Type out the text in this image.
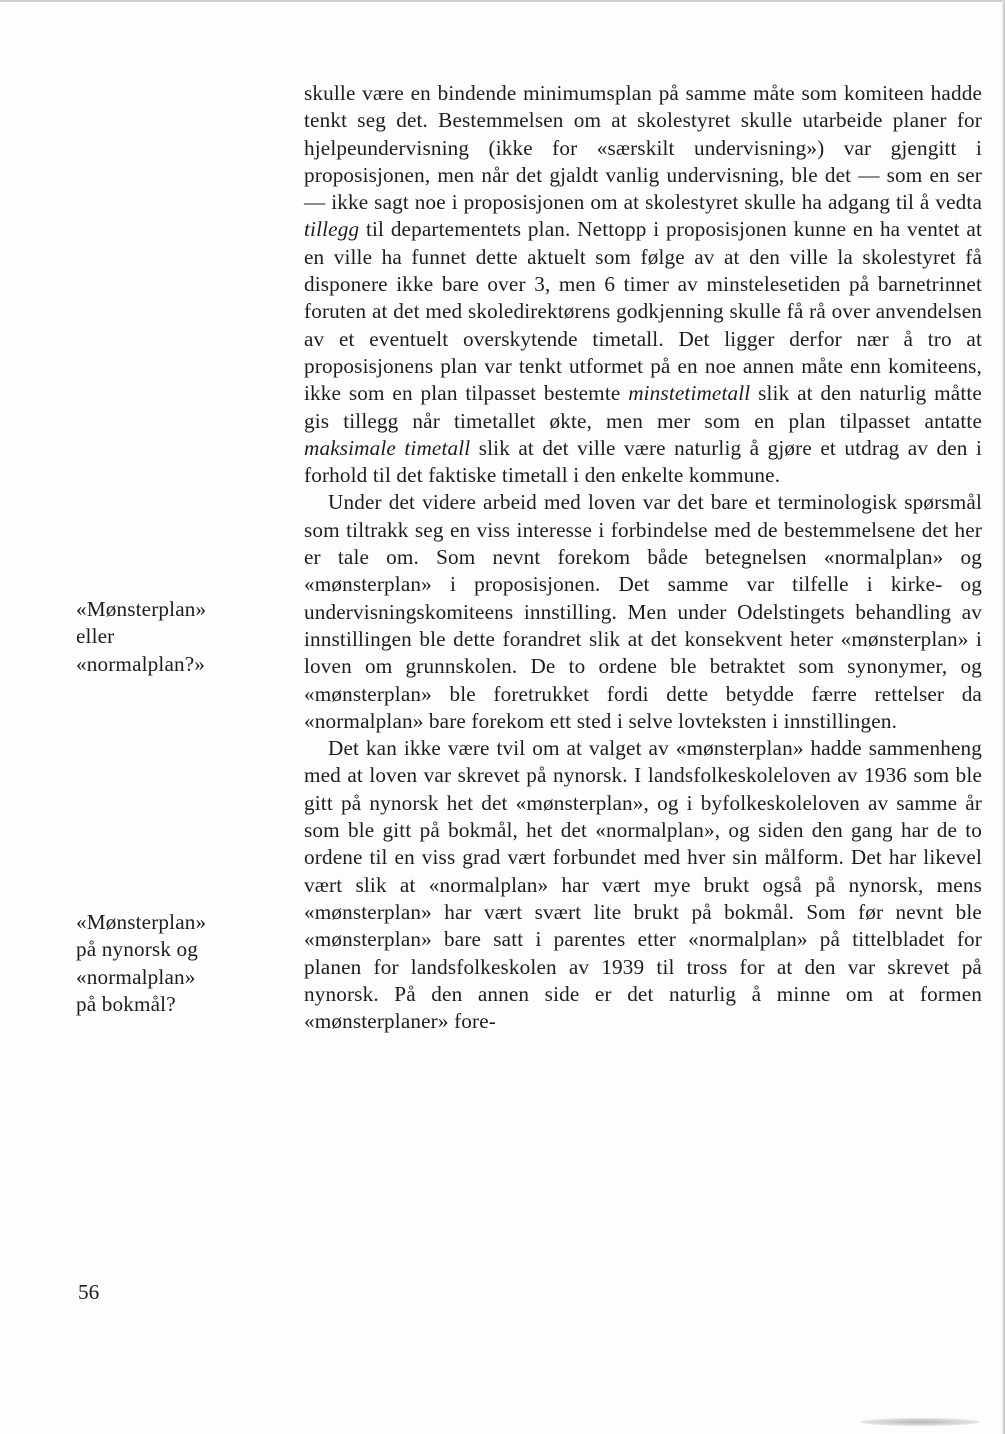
«Mønsterplan»
eller
«normalplan?»
«Mønsterplan»
på nynorsk og
«normalplan»
på bokmål?

skulle være en bindende minimumsplan på samme måte som komiteen hadde tenkt seg det. Bestemmelsen om at skolestyret skulle utarbeide planer for hjelpeundervisning (ikke for «særskilt undervisning») var gjengitt i proposisjonen, men når det gjaldt vanlig undervisning, ble det — som en ser — ikke sagt noe i proposisjonen om at skolestyret skulle ha adgang til å vedta tillegg til departementets plan. Nettopp i proposisjonen kunne en ha ventet at en ville ha funnet dette aktuelt som følge av at den ville la skolestyret få disponere ikke bare over 3, men 6 timer av minstelesetiden på barnetrinnet foruten at det med skoledirektørens godkjenning skulle få rå over anvendelsen av et eventuelt overskytende timetall. Det ligger derfor nær å tro at proposisjonens plan var tenkt utformet på en noe annen måte enn komiteens, ikke som en plan tilpasset bestemte minstetimetall slik at den naturlig måtte gis tillegg når timetallet økte, men mer som en plan tilpasset antatte maksimale timetall slik at det ville være naturlig å gjøre et utdrag av den i forhold til det faktiske timetall i den enkelte kommune.

Under det videre arbeid med loven var det bare et terminologisk spørsmål som tiltrakk seg en viss interesse i forbindelse med de bestemmelsene det her er tale om. Som nevnt forekom både betegnelsen «normalplan» og «mønsterplan» i proposisjonen. Det samme var tilfelle i kirke- og undervisningskomiteens innstilling. Men under Odelstingets behandling av innstillingen ble dette forandret slik at det konsekvent heter «mønsterplan» i loven om grunnskolen. De to ordene ble betraktet som synonymer, og «mønsterplan» ble foretrukket fordi dette betydde færre rettelser da «normalplan» bare forekom ett sted i selve lovteksten i innstillingen.

Det kan ikke være tvil om at valget av «mønsterplan» hadde sammenheng med at loven var skrevet på nynorsk. I landsfolkeskoleloven av 1936 som ble gitt på nynorsk het det «mønsterplan», og i byfolkeskoleloven av samme år som ble gitt på bokmål, het det «normalplan», og siden den gang har de to ordene til en viss grad vært forbundet med hver sin målform. Det har likevel vært slik at «normalplan» har vært mye brukt også på nynorsk, mens «mønsterplan» har vært svært lite brukt på bokmål. Som før nevnt ble «mønsterplan» bare satt i parentes etter «normalplan» på tittelbladet for planen for landsfolkeskolen av 1939 til tross for at den var skrevet på nynorsk. På den annen side er det naturlig å minne om at formen «mønsterplaner» fore-

56
